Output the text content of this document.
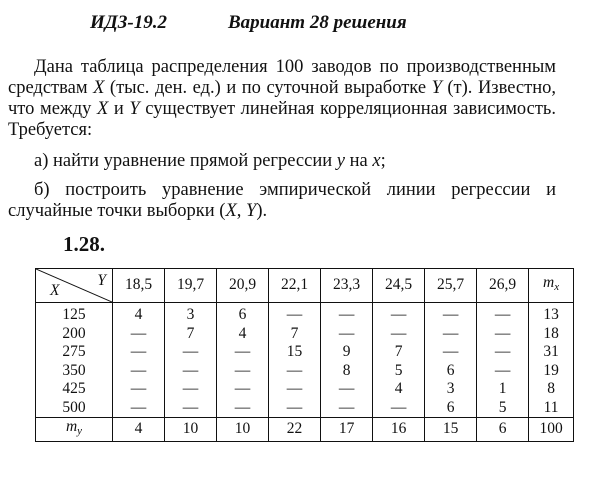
ИДЗ-19.2	Вариант 28 решения
Дана таблица распределения 100 заводов по производственным средствам X (тыс. ден. ед.) и по суточной выработке Y (т). Известно, что между X и Y существует линейная корреляционная зависимость. Требуется:
а) найти уравнение прямой регрессии y на x;
б) построить уравнение эмпирической линии регрессии и случайные точки выборки (X, Y).
1.28.
Y
X	18,5	19,7	20,9	22,1	23,3	24,5	25,7	26,9	$m_x$
125	4	3	6	—	—	—	—	—	13
200	—	7	4	7	—	—	—	—	18
275	—	—	—	15	9	7	—	—	31
350	—	—	—	—	8	5	6	—	19
425	—	—	—	—	—	4	3	1	8
500	—	—	—	—	—	—	6	5	11
$m_y$	4	10	10	22	17	16	15	6	100
